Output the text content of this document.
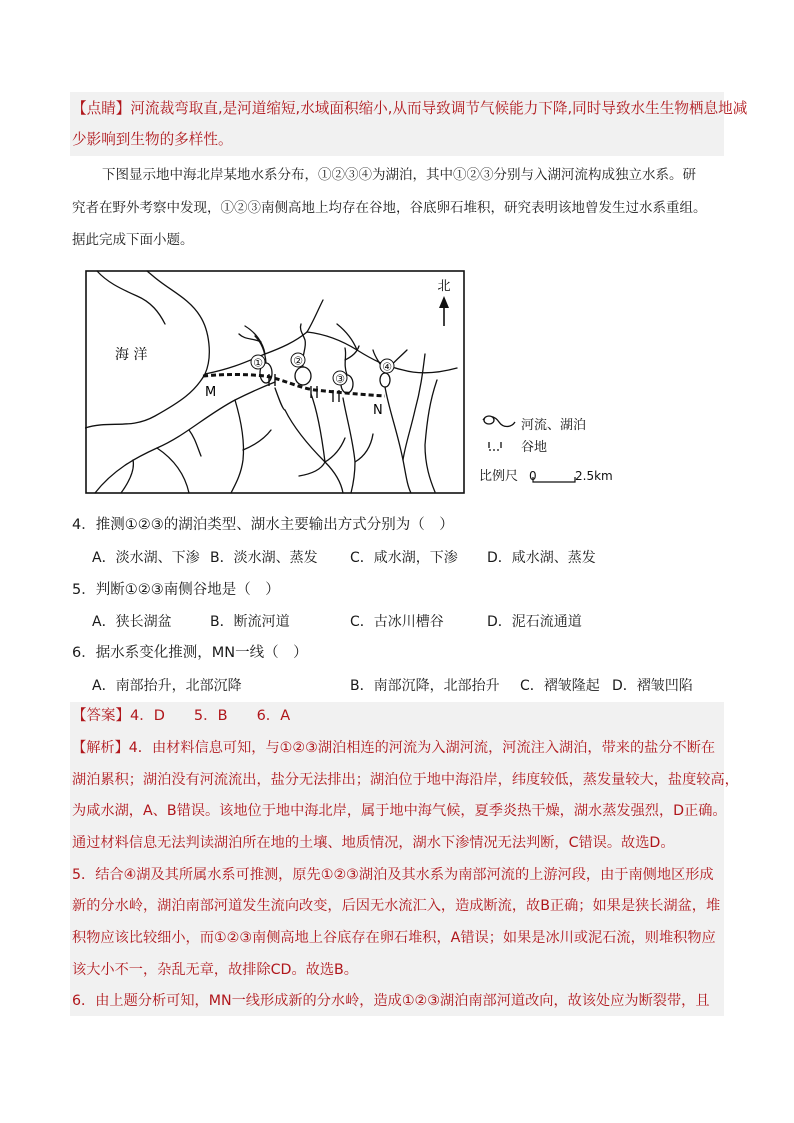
【点睛】河流裁弯取直,是河道缩短,水域面积缩小,从而导致调节气候能力下降,同时导致水生生物栖息地减
少影响到生物的多样性。
下图显示地中海北岸某地水系分布，①②③④为湖泊，其中①②③分别与入湖河流构成独立水系。研
究者在野外考察中发现，①②③南侧高地上均存在谷地，谷底卵石堆积，研究表明该地曾发生过水系重组。
据此完成下面小题。
①	②
③
④
海 洋
M
N
北
河流、湖泊
谷地
比例尺 0	2.5km
4．推测①②③的湖泊类型、湖水主要输出方式分别为（　）
A．淡水湖、下渗 B．淡水湖、蒸发 C．咸水湖，下渗 D．咸水湖、蒸发
5．判断①②③南侧谷地是（　）
A．狭长湖盆	B．断流河道	C．古冰川槽谷	D．泥石流通道
6．据水系变化推测，MN一线（　）
A．南部抬升，北部沉降	B．南部沉降，北部抬升 C．褶皱隆起 D．褶皱凹陷
【答案】4．D　　5．B　　6．A
【解析】4．由材料信息可知，与①②③湖泊相连的河流为入湖河流，河流注入湖泊，带来的盐分不断在
湖泊累积；湖泊没有河流流出，盐分无法排出；湖泊位于地中海沿岸，纬度较低，蒸发量较大，盐度较高，
为咸水湖，A、B错误。该地位于地中海北岸，属于地中海气候，夏季炎热干燥，湖水蒸发强烈，D正确。
通过材料信息无法判读湖泊所在地的土壤、地质情况，湖水下渗情况无法判断，C错误。故选D。
5．结合④湖及其所属水系可推测，原先①②③湖泊及其水系为南部河流的上游河段，由于南侧地区形成
新的分水岭，湖泊南部河道发生流向改变，后因无水流汇入，造成断流，故B正确；如果是狭长湖盆，堆
积物应该比较细小，而①②③南侧高地上谷底存在卵石堆积，A错误；如果是冰川或泥石流，则堆积物应
该大小不一，杂乱无章，故排除CD。故选B。
6．由上题分析可知，MN一线形成新的分水岭，造成①②③湖泊南部河道改向，故该处应为断裂带，且
